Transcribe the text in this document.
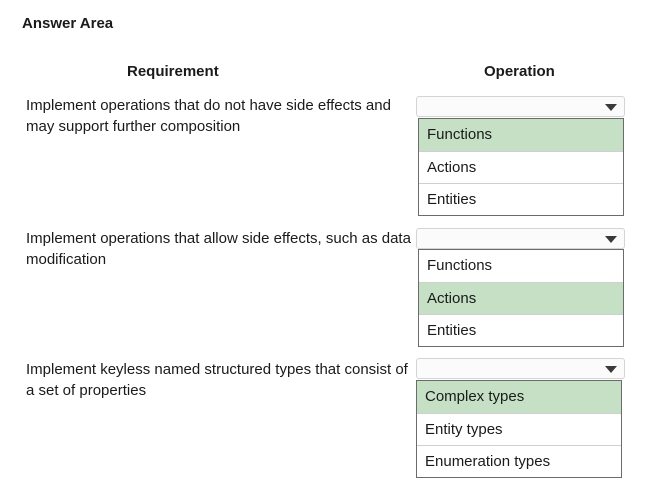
Answer Area
Requirement	Operation
Implement operations that do not have side effects and may support further composition	Functions
Actions
Entities
Implement operations that allow side effects, such as data modification	Functions
Actions
Entities
Implement keyless named structured types that consist of a set of properties	Complex types
Entity types
Enumeration types
